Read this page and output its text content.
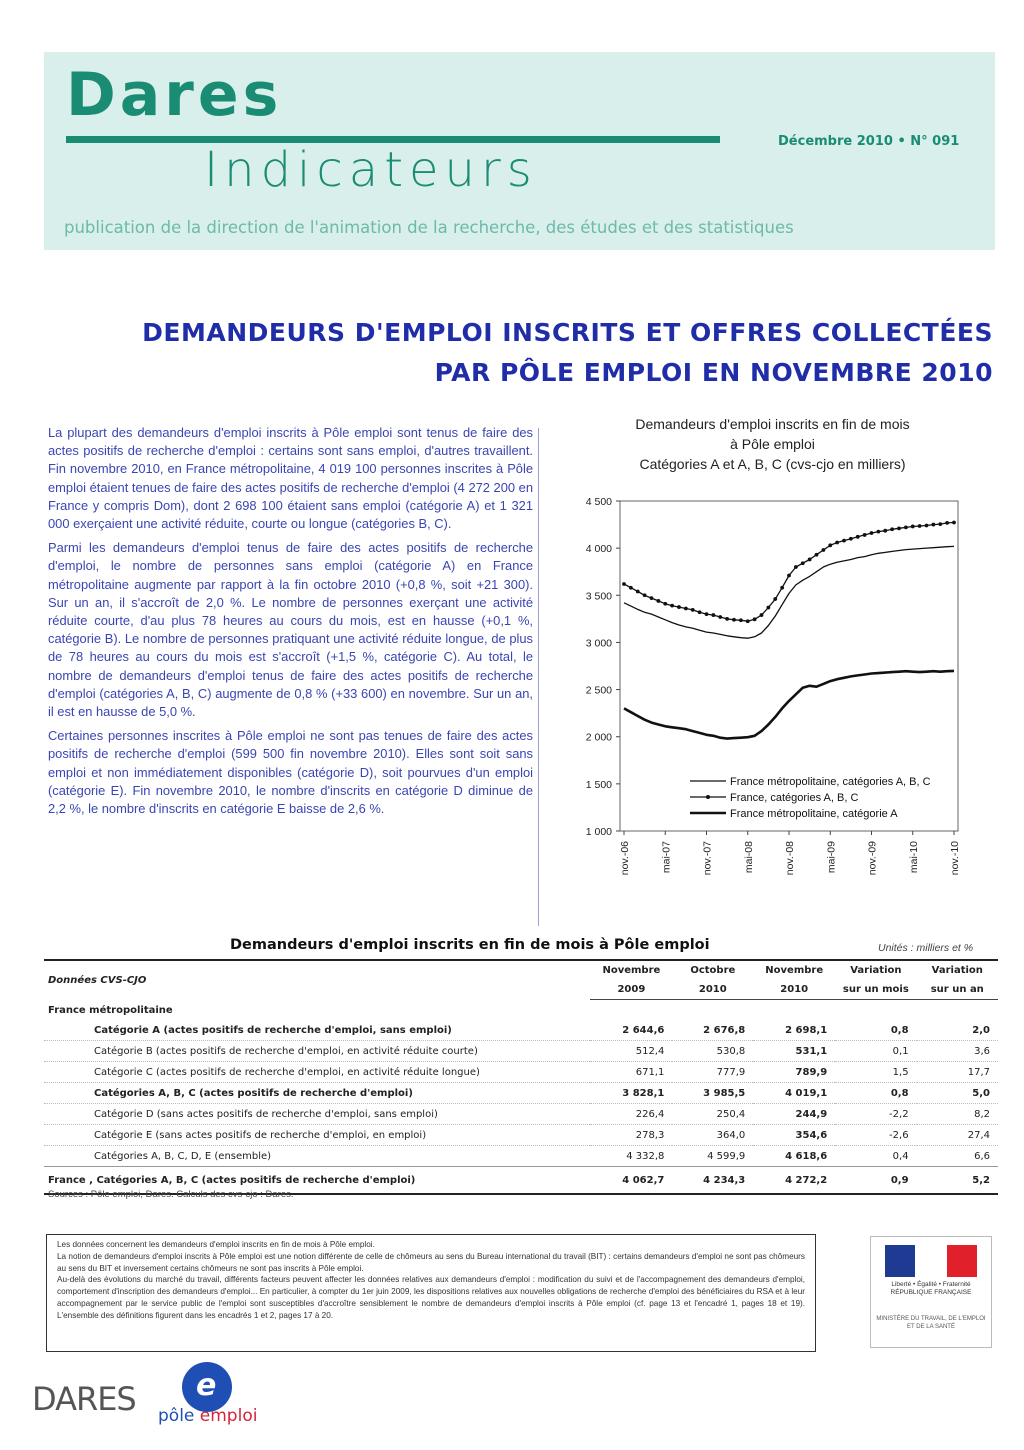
Dares
Indicateurs
Décembre 2010 • N° 091
publication de la direction de l'animation de la recherche, des études et des statistiques
DEMANDEURS D'EMPLOI INSCRITS ET OFFRES COLLECTÉES
PAR PÔLE EMPLOI EN NOVEMBRE 2010

La plupart des demandeurs d'emploi inscrits à Pôle emploi sont tenus de faire des actes positifs de recherche d'emploi : certains sont sans emploi, d'autres travaillent. Fin novembre 2010, en France métropolitaine, 4 019 100 personnes inscrites à Pôle emploi étaient tenues de faire des actes positifs de recherche d'emploi (4 272 200 en France y compris Dom), dont 2 698 100 étaient sans emploi (catégorie A) et 1 321 000 exerçaient une activité réduite, courte ou longue (catégories B, C).

Parmi les demandeurs d'emploi tenus de faire des actes positifs de recherche d'emploi, le nombre de personnes sans emploi (catégorie A) en France métropolitaine augmente par rapport à la fin octobre 2010 (+0,8 %, soit +21 300). Sur un an, il s'accroît de 2,0 %. Le nombre de personnes exerçant une activité réduite courte, d'au plus 78 heures au cours du mois, est en hausse (+0,1 %, catégorie B). Le nombre de personnes pratiquant une activité réduite longue, de plus de 78 heures au cours du mois est s'accroît (+1,5 %, catégorie C). Au total, le nombre de demandeurs d'emploi tenus de faire des actes positifs de recherche d'emploi (catégories A, B, C) augmente de 0,8 % (+33 600) en novembre. Sur un an, il est en hausse de 5,0 %.

Certaines personnes inscrites à Pôle emploi ne sont pas tenues de faire des actes positifs de recherche d'emploi (599 500 fin novembre 2010). Elles sont soit sans emploi et non immédiatement disponibles (catégorie D), soit pourvues d'un emploi (catégorie E). Fin novembre 2010, le nombre d'inscrits en catégorie D diminue de 2,2 %, le nombre d'inscrits en catégorie E baisse de 2,6 %.

Demandeurs d'emploi inscrits en fin de mois
à Pôle emploi
Catégories A et A, B, C (cvs-cjo en milliers)
1 000
1 500
2 000
2 500
3 000
3 500
4 000
4 500
nov.-06	mai-07	nov.-07	mai-08	nov.-08	mai-09	nov.-09	mai-10	nov.-10
France métropolitaine, catégories A, B, C
France, catégories A, B, C
France métropolitaine, catégorie A
Demandeurs d'emploi inscrits en fin de mois à Pôle emploi	Unités : milliers et %
Données CVS-CJO	Novembre	Octobre	Novembre	Variation	Variation
	2009	2010	2010	sur un mois	sur un an
France métropolitaine					
Catégorie A (actes positifs de recherche d'emploi, sans emploi)	2 644,6	2 676,8	2 698,1	0,8	2,0
Catégorie B (actes positifs de recherche d'emploi, en activité réduite courte)	512,4	530,8	531,1	0,1	3,6
Catégorie C (actes positifs de recherche d'emploi, en activité réduite longue)	671,1	777,9	789,9	1,5	17,7
Catégories A, B, C (actes positifs de recherche d'emploi)	3 828,1	3 985,5	4 019,1	0,8	5,0
Catégorie D (sans actes positifs de recherche d'emploi, sans emploi)	226,4	250,4	244,9	-2,2	8,2
Catégorie E (sans actes positifs de recherche d'emploi, en emploi)	278,3	364,0	354,6	-2,6	27,4
Catégories A, B, C, D, E (ensemble)	4 332,8	4 599,9	4 618,6	0,4	6,6
France , Catégories A, B, C (actes positifs de recherche d'emploi)	4 062,7	4 234,3	4 272,2	0,9	5,2
Sources : Pôle emploi, Dares. Calculs des cvs-cjo : Dares.

Les données concernent les demandeurs d'emploi inscrits en fin de mois à Pôle emploi.

La notion de demandeurs d'emploi inscrits à Pôle emploi est une notion différente de celle de chômeurs au sens du Bureau international du travail (BIT) : certains demandeurs d'emploi ne sont pas chômeurs au sens du BIT et inversement certains chômeurs ne sont pas inscrits à Pôle emploi.

Au-delà des évolutions du marché du travail, différents facteurs peuvent affecter les données relatives aux demandeurs d'emploi : modification du suivi et de l'accompagnement des demandeurs d'emploi, comportement d'inscription des demandeurs d'emploi... En particulier, à compter du 1er juin 2009, les dispositions relatives aux nouvelles obligations de recherche d'emploi des bénéficiaires du RSA et à leur accompagnement par le service public de l'emploi sont susceptibles d'accroître sensiblement le nombre de demandeurs d'emploi inscrits à Pôle emploi (cf. page 13 et l'encadré 1, pages 18 et 19). L'ensemble des définitions figurent dans les encadrés 1 et 2, pages 17 à 20.

Liberté • Égalité • Fraternité RÉPUBLIQUE FRANÇAISE
MINISTÈRE DU TRAVAIL, DE L'EMPLOI ET DE LA SANTÉ
DARES e
pôle emploi
